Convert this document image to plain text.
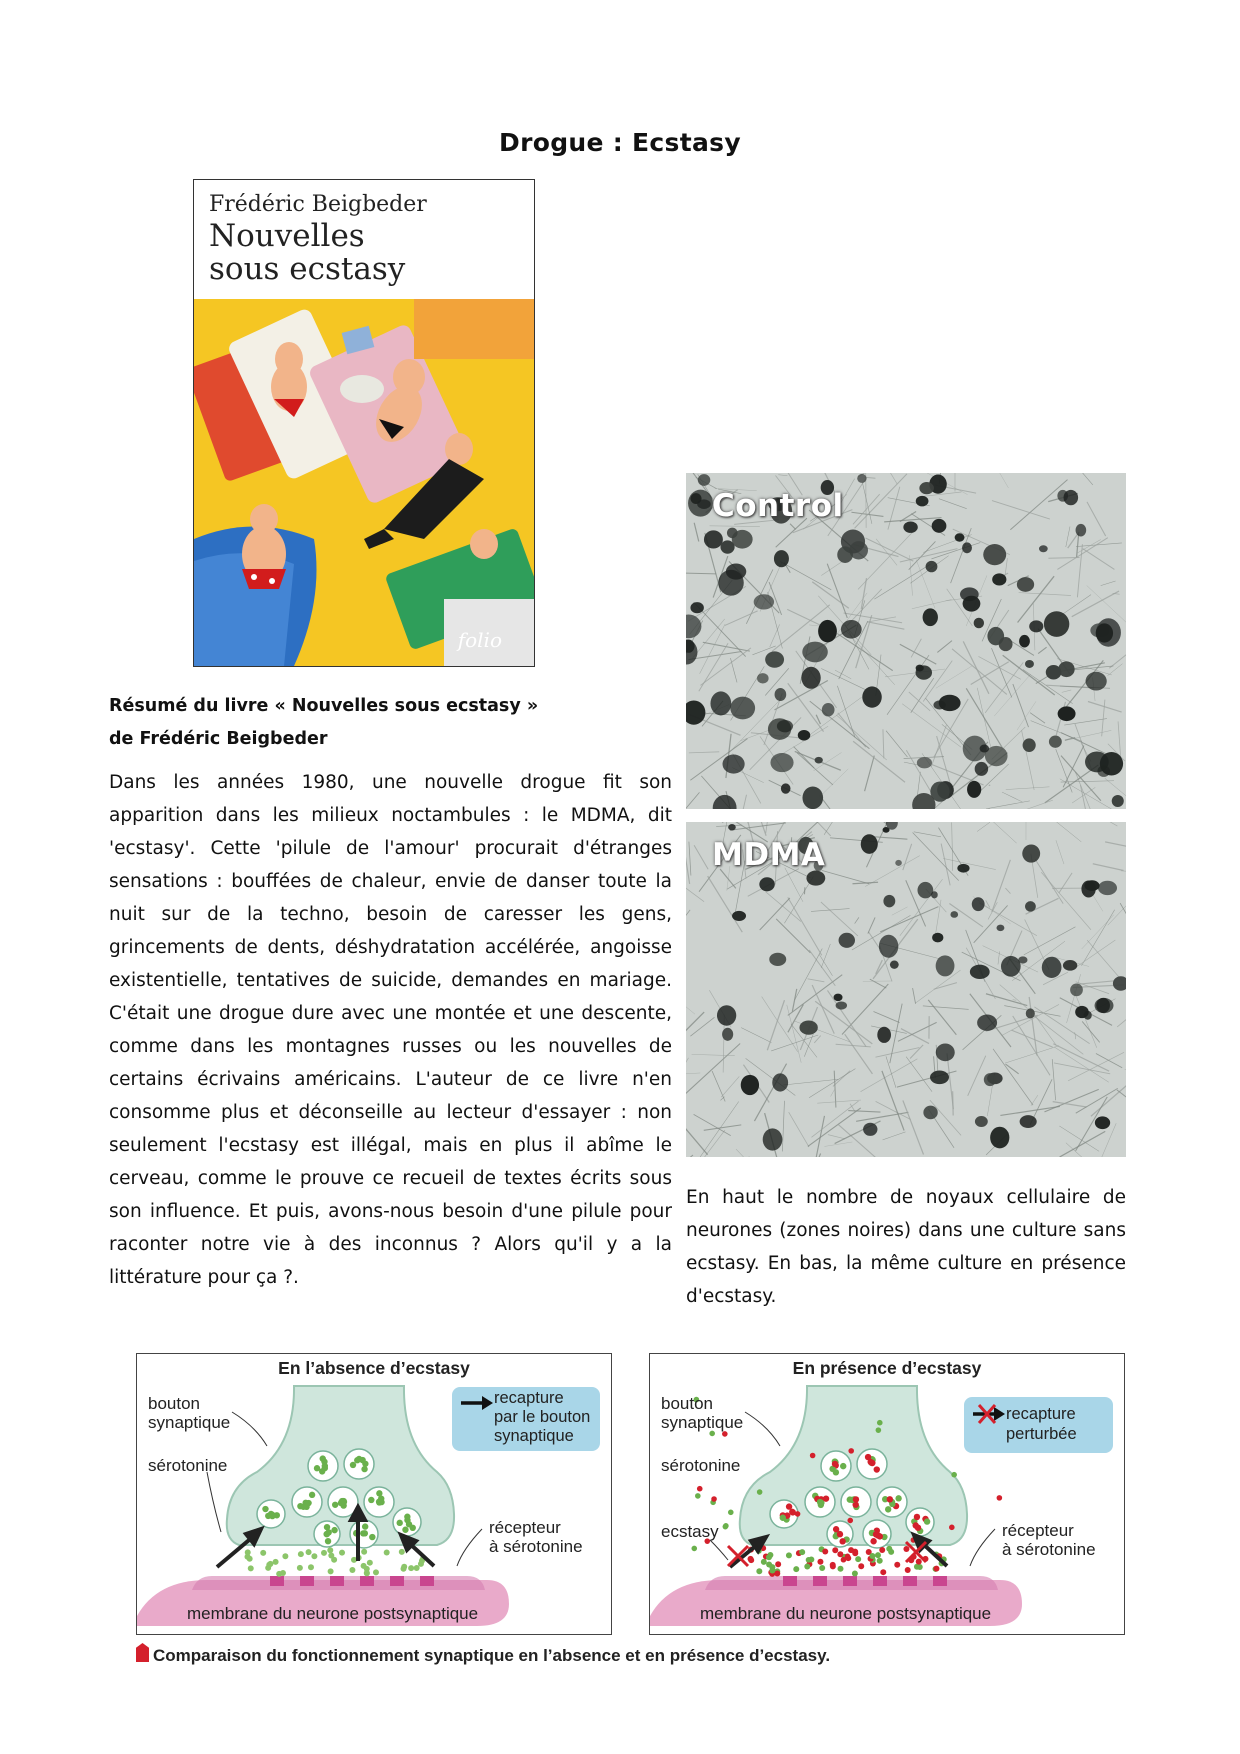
Drogue : Ecstasy
Frédéric Beigbeder
Nouvelles
sous ecstasy
folio
Résumé du livre « Nouvelles sous ecstasy »
de Frédéric Beigbeder
Dans les années 1980, une nouvelle drogue fit son apparition dans les milieux noctambules : le MDMA, dit 'ecstasy'. Cette 'pilule de l'amour' procurait d'étranges sensations : bouffées de chaleur, envie de danser toute la nuit sur de la techno, besoin de caresser les gens, grincements de dents, déshydratation accélérée, angoisse existentielle, tentatives de suicide, demandes en mariage. C'était une drogue dure avec une montée et une descente, comme dans les montagnes russes ou les nouvelles de certains écrivains américains. L'auteur de ce livre n'en consomme plus et déconseille au lecteur d'essayer : non seulement l'ecstasy est illégal, mais en plus il abîme le cerveau, comme le prouve ce recueil de textes écrits sous son influence. Et puis, avons-nous besoin d'une pilule pour raconter notre vie à des inconnus ? Alors qu'il y a la littérature pour ça ?.
Control
MDMA
En haut le nombre de noyaux cellulaire de neurones (zones noires) dans une culture sans ecstasy. En bas, la même culture en présence d'ecstasy.
En l’absence d’ecstasy
bouton
synaptique
sérotonine
récepteur
à sérotonine
membrane du neurone postsynaptique
recapture
par le bouton
synaptique
En présence d’ecstasy
bouton
synaptique
sérotonine
ecstasy	récepteur
à sérotonine
membrane du neurone postsynaptique
recapture
perturbée
Comparaison du fonctionnement synaptique en l’absence et en présence d’ecstasy.
